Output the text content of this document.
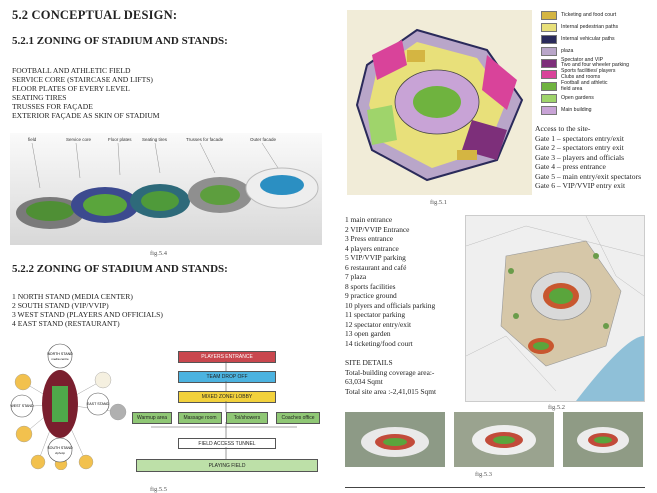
5.2 CONCEPTUAL DESIGN:
5.2.1 ZONING OF STADIUM AND STANDS:
FOOTBALL AND ATHLETIC FIELD
SERVICE CORE (STAIRCASE AND LIFTS)
FLOOR PLATES OF EVERY LEVEL
SEATING TIRES
TRUSSES FOR FAÇADE
EXTERIOR FAÇADE AS SKIN OF STADIUM
field	Service core	Floor plates Seating tires	Trusses for facade	Outer facade
fig.5.4
5.2.2 ZONING OF STADIUM AND STANDS:
1 NORTH STAND (MEDIA CENTER)
2 SOUTH STAND (VIP/VVIP)
3 WEST STAND (PLAYERS AND OFFICIALS)
4 EAST STAND (RESTAURANT)
NORTH STAND
media centre
SOUTH STAND
vip/vvip
WEST STAND	EAST STAND
PLAYERS ENTRANCE
TEAM DROP OFF
MIXED ZONE/ LOBBY
Warmup area	Massage room	Toi/showers	Coaches office
FIELD ACCESS TUNNEL
PLAYING FIELD
fig.5.5
Ticketing and food court
Internal pedestrian paths
Internal vehicular paths
plaza
Spectator and VIP
Two and four wheeler parking
Sports facilities/ players
Clubs and rooms
Football and athletic
field area
Open gardens
Main building
Access to the site-
Gate 1 – spectators entry/exit
Gate 2 – spectators entry exit
Gate 3 – players and officials
Gate 4 – press entrance
Gate 5 – main entry/exit spectators
Gate 6 – VIP/VVIP entry exit
fig.5.1
1 main entrance
2 VIP/VVIP Entrance
3 Press entrance
4 players entrance
5 VIP/VVIP parking
6 restaurant and café
7 plaza
8 sports facilities
9 practice ground
10 plyers and officials parking
11 spectator parking
12 spectator entry/exit
13 open garden
14 ticketing/food court
SITE DETAILS
Total-building coverage area:-
63,034 Sqmt
Total site area :-2,41,015 Sqmt
fig.5.2
fig.5.3
